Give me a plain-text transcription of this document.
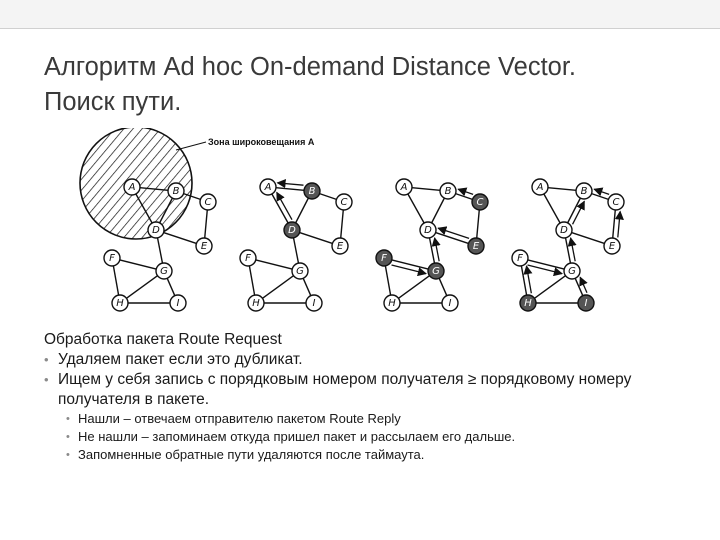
Алгоритм Ad hoc On-demand Distance Vector.
Поиск пути.
Зона широковещания A
A	B
C
D
E
F
G
H	I
A	B
C
D
E
F
G
H	I
A	B
C
D
E
F
G
H	I
A	B
C
D
E
F
G
H	I

Обработка пакета Route Request

• Удаляем пакет если это дубликат.

• Ищем у себя запись с порядковым номером получателя ≥ порядковому номеру получателя в пакете.

• Нашли – отвечаем отправителю пакетом Route Reply

• Не нашли – запоминаем откуда пришел пакет и рассылаем его дальше.

• Запомненные обратные пути удаляются после таймаута.
